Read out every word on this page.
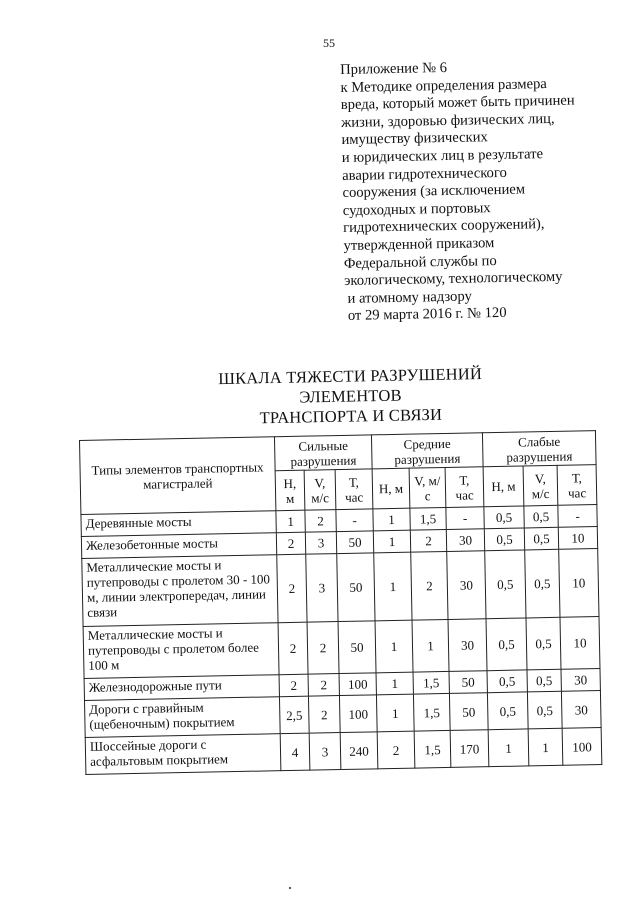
55
Приложение № 6
к Методике определения размера
вреда, который может быть причинен
жизни, здоровью физических лиц,
имуществу физических
и юридических лиц в результате
аварии гидротехнического
сооружения (за исключением
судоходных и портовых
гидротехнических сооружений),
утвержденной приказом
Федеральной службы по
экологическому, технологическому
и атомному надзору
от 29 марта 2016 г. № 120
ШКАЛА ТЯЖЕСТИ РАЗРУШЕНИЙ ЭЛЕМЕНТОВ
ТРАНСПОРТА И СВЯЗИ
Типы элементов транспортных магистралей	Сильные разрушения			Средние разрушения			Слабые разрушения		
	Н, м	V, м/с	Т, час	Н, м	V, м/с	Т, час	Н, м	V, м/с	Т, час
Деревянные мосты	1	2	-	1	1,5	-	0,5	0,5	-
Железобетонные мосты	2	3	50	1	2	30	0,5	0,5	10
Металлические мосты и путепроводы с пролетом 30 - 100 м, линии электропередач, линии связи	2	3	50	1	2	30	0,5	0,5	10
Металлические мосты и путепроводы с пролетом более 100 м	2	2	50	1	1	30	0,5	0,5	10
Железнодорожные пути	2	2	100	1	1,5	50	0,5	0,5	30
Дороги с гравийным (щебеночным) покрытием	2,5	2	100	1	1,5	50	0,5	0,5	30
Шоссейные дороги с асфальтовым покрытием	4	3	240	2	1,5	170	1	1	100
